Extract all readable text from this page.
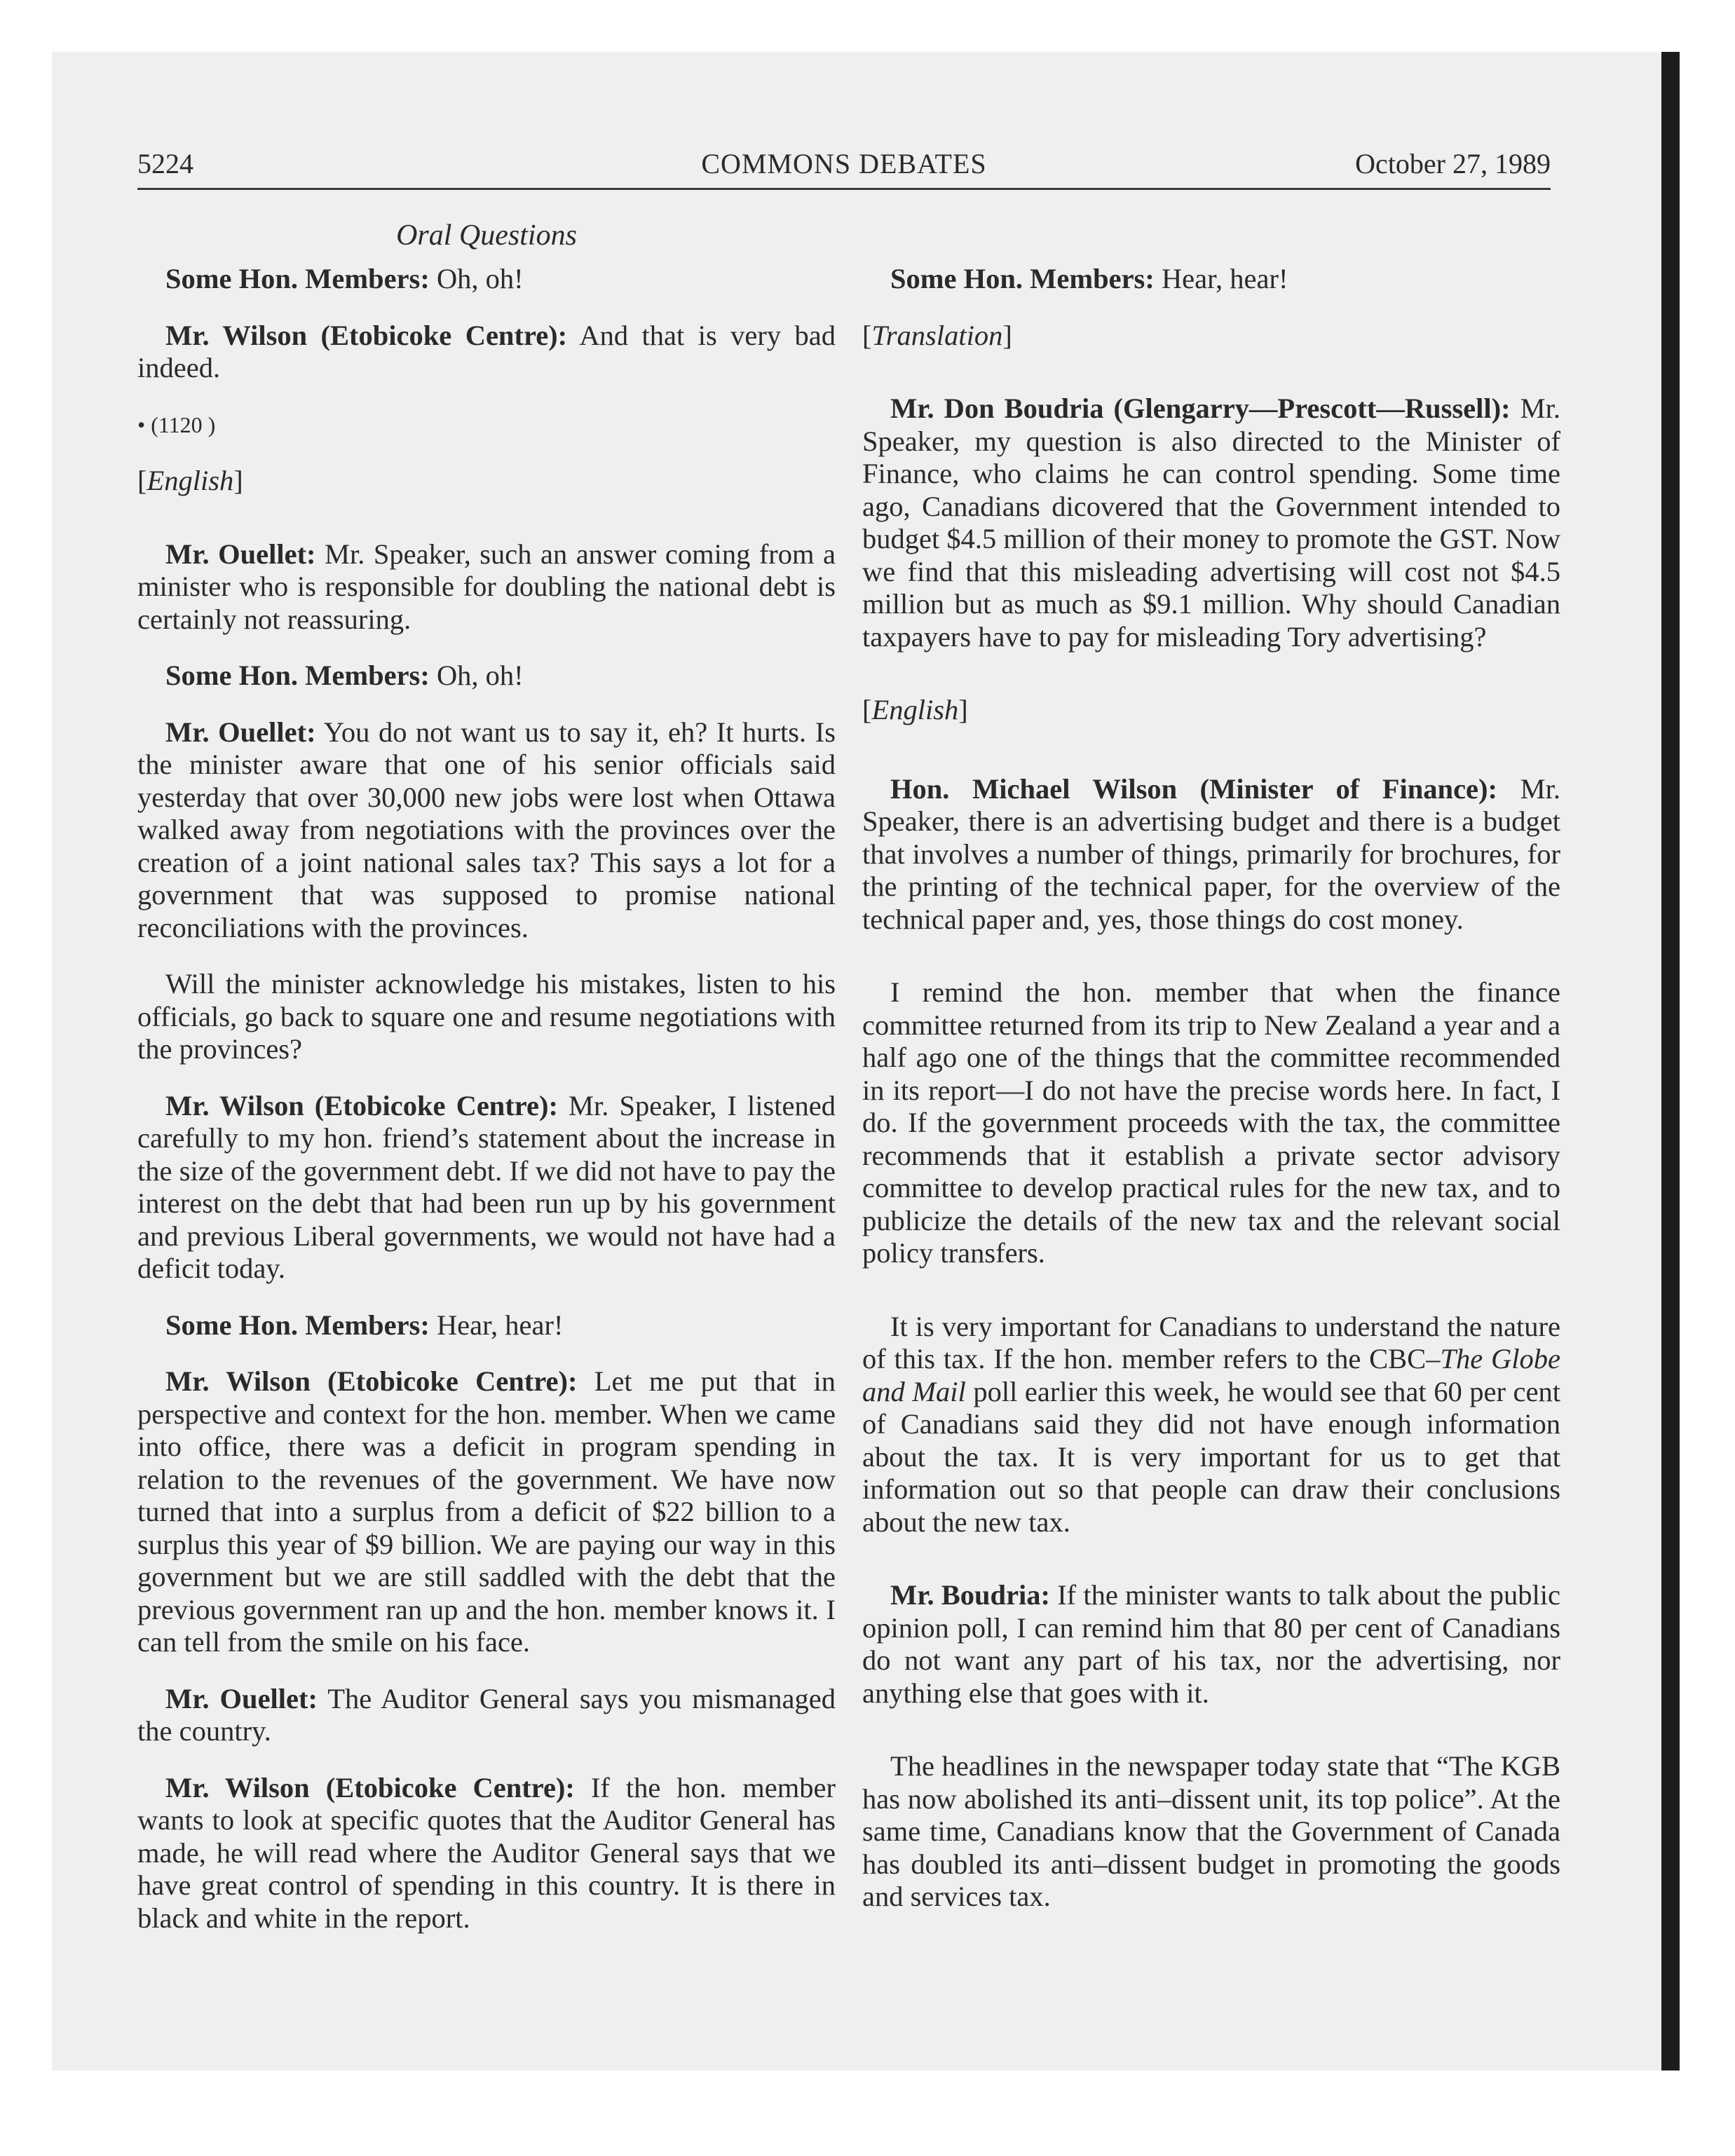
5224	COMMONS DEBATES	October 27, 1989
Oral Questions

Some Hon. Members: Oh, oh!

Mr. Wilson (Etobicoke Centre): And that is very bad indeed.

• (1120 )

[English]

Mr. Ouellet: Mr. Speaker, such an answer coming from a minister who is responsible for doubling the national debt is certainly not reassuring.

Some Hon. Members: Oh, oh!

Mr. Ouellet: You do not want us to say it, eh? It hurts. Is the minister aware that one of his senior officials said yesterday that over 30,000 new jobs were lost when Ottawa walked away from negotiations with the provinces over the creation of a joint national sales tax? This says a lot for a government that was supposed to promise national reconciliations with the provinces.

Will the minister acknowledge his mistakes, listen to his officials, go back to square one and resume negotiations with the provinces?

Mr. Wilson (Etobicoke Centre): Mr. Speaker, I listened carefully to my hon. friend’s statement about the increase in the size of the government debt. If we did not have to pay the interest on the debt that had been run up by his government and previous Liberal governments, we would not have had a deficit today.

Some Hon. Members: Hear, hear!

Mr. Wilson (Etobicoke Centre): Let me put that in perspective and context for the hon. member. When we came into office, there was a deficit in program spending in relation to the revenues of the government. We have now turned that into a surplus from a deficit of $22 billion to a surplus this year of $9 billion. We are paying our way in this government but we are still saddled with the debt that the previous government ran up and the hon. member knows it. I can tell from the smile on his face.

Mr. Ouellet: The Auditor General says you mismanaged the country.

Mr. Wilson (Etobicoke Centre): If the hon. member wants to look at specific quotes that the Auditor General has made, he will read where the Auditor General says that we have great control of spending in this country. It is there in black and white in the report.

Some Hon. Members: Hear, hear!

[Translation]

Mr. Don Boudria (Glengarry—Prescott—Russell): Mr. Speaker, my question is also directed to the Minister of Finance, who claims he can control spending. Some time ago, Canadians dicovered that the Government intended to budget $4.5 million of their money to promote the GST. Now we find that this misleading advertising will cost not $4.5 million but as much as $9.1 million. Why should Canadian taxpayers have to pay for misleading Tory advertising?

[English]

Hon. Michael Wilson (Minister of Finance): Mr. Speaker, there is an advertising budget and there is a budget that involves a number of things, primarily for brochures, for the printing of the technical paper, for the overview of the technical paper and, yes, those things do cost money.

I remind the hon. member that when the finance committee returned from its trip to New Zealand a year and a half ago one of the things that the committee recommended in its report—I do not have the precise words here. In fact, I do. If the government proceeds with the tax, the committee recommends that it establish a private sector advisory committee to develop practical rules for the new tax, and to publicize the details of the new tax and the relevant social policy transfers.

It is very important for Canadians to understand the nature of this tax. If the hon. member refers to the CBC–The Globe and Mail poll earlier this week, he would see that 60 per cent of Canadians said they did not have enough information about the tax. It is very important for us to get that information out so that people can draw their conclusions about the new tax.

Mr. Boudria: If the minister wants to talk about the public opinion poll, I can remind him that 80 per cent of Canadians do not want any part of his tax, nor the advertising, nor anything else that goes with it.

The headlines in the newspaper today state that “The KGB has now abolished its anti–dissent unit, its top police”. At the same time, Canadians know that the Government of Canada has doubled its anti–dissent budget in promoting the goods and services tax.
